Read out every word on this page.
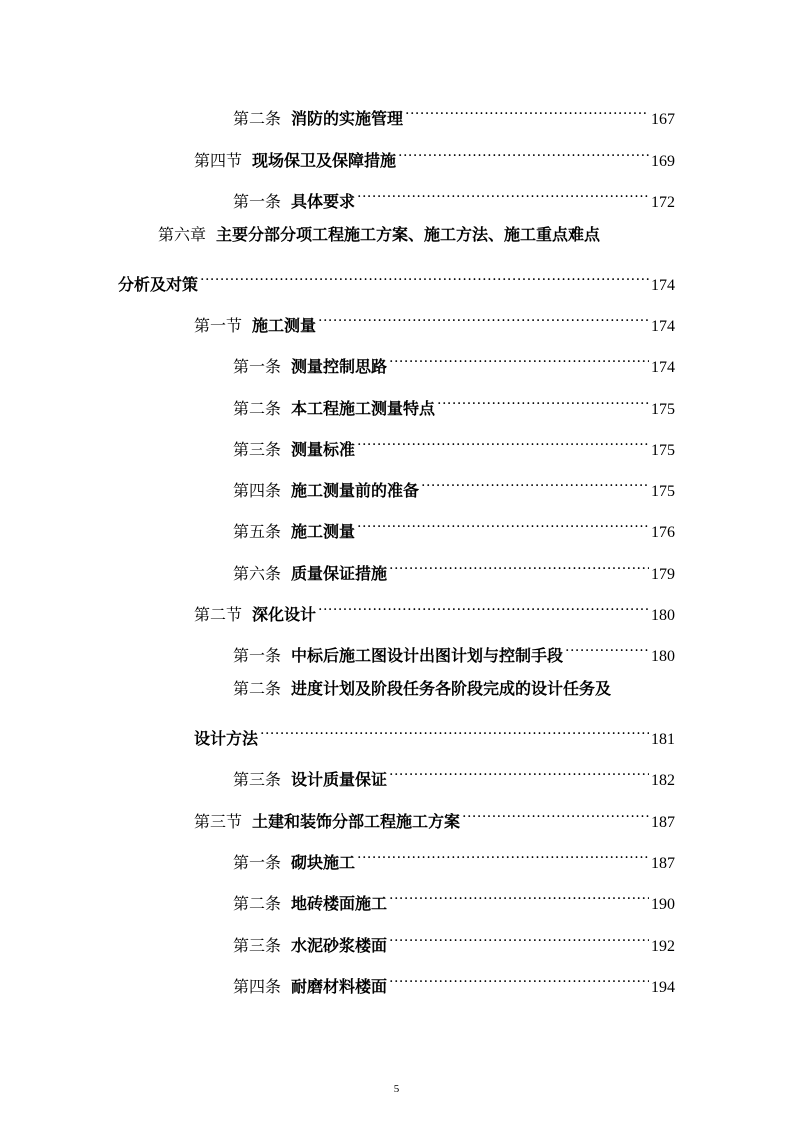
第二条 消防的实施管理 .....	167
第四节 现场保卫及保障措施 .....	169
第一条 具体要求 .....	172
第六章 主要分部分项工程施工方案、施工方法、施工重点难点
分析及对策 .....	174
第一节 施工测量 .....	174
第一条 测量控制思路 .....	174
第二条 本工程施工测量特点 .....	175
第三条 测量标准 .....	175
第四条 施工测量前的准备 .....	175
第五条 施工测量 .....	176
第六条 质量保证措施 .....	179
第二节 深化设计 .....	180
第一条 中标后施工图设计出图计划与控制手段 .....	180
第二条 进度计划及阶段任务各阶段完成的设计任务及
设计方法 .....	181
第三条 设计质量保证 .....	182
第三节 土建和装饰分部工程施工方案 .....	187
第一条 砌块施工 .....	187
第二条 地砖楼面施工 .....	190
第三条 水泥砂浆楼面 .....	192
第四条 耐磨材料楼面 .....	194
5
